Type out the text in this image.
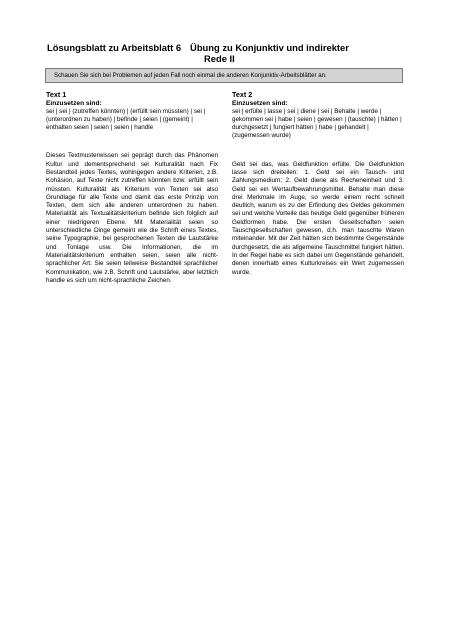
Lösungsblatt zu Arbeitsblatt 6 Übung zu Konjunktiv und indirekter
Rede II
Schauen Sie sich bei Problemen auf jeden Fall noch einmal die anderen Konjunktiv-Arbeitsblätter an.
Text 1
Einzusetzen sind:

sei | sei | (zutreffen könnten) | (erfüllt sein müssten) | sei | (unterordnen zu haben) | befinde | seien | (gemeint) | enthalten seien | seien | seien | handle

Dieses Textmusterwissen sei geprägt durch das Phänomen Kultur und dementsprechend sei Kulturalität nach Fix Bestandteil jedes Textes, wohingegen andere Kriterien, z.B. Kohäsion, auf Texte nicht zutreffen könnten bzw. erfüllt sein müssten. Kulturalität als Kriterium von Texten sei also Grundlage für alle Texte und damit das erste Prinzip von Texten, dem sich alle anderen unterordnen zu haben. Materialität als Textualitätskriterium befinde sich folglich auf einer niedrigeren Ebene. Mit Materialität seien so unterschiedliche Dinge gemeint wie die Schrift eines Textes, seine Typographie, bei gesprochenen Texten die Lautstärke und Tonlage usw. Die Informationen, die im Materialitätskriterium enthalten seien, seien alle nicht-sprachlicher Art. Sie seien teilweise Bestandteil sprachlicher Kommunikation, wie z.B. Schrift und Lautstärke, aber letztlich handle es sich um nicht-sprachliche Zeichen.

Text 2
Einzusetzen sind:

sei | erfülle | lasse | sei | diene | sei | Behalte | werde | gekommen sei | habe | seien | gewesen | (tauschte) | hätten | durchgesetzt | fungiert hätten | habe | gehandelt | (zugemessen wurde)

Geld sei das, was Geldfunktion erfülle. Die Geldfunktion lasse sich dreiteilen: 1. Geld sei ein Tausch- und Zahlungsmedium; 2. Geld diene als Recheneinheit und 3. Geld sei ein Wertaufbewahrungsmittel. Behalte man diese drei Merkmale im Auge, so werde einem recht schnell deutlich, warum es zu der Erfindung des Geldes gekommen sei und welche Vorteile das heutige Geld gegenüber früheren Geldformen habe. Die ersten Gesellschaften seien Tauschgesellschaften gewesen, d.h. man tauschte Waren miteinander. Mit der Zeit hätten sich bestimmte Gegenstände durchgesetzt, die als allgemeine Tauschmittel fungiert hätten. In der Regel habe es sich dabei um Gegenstände gehandelt, denen innerhalb eines Kulturkreises ein Wert zugemessen wurde.
